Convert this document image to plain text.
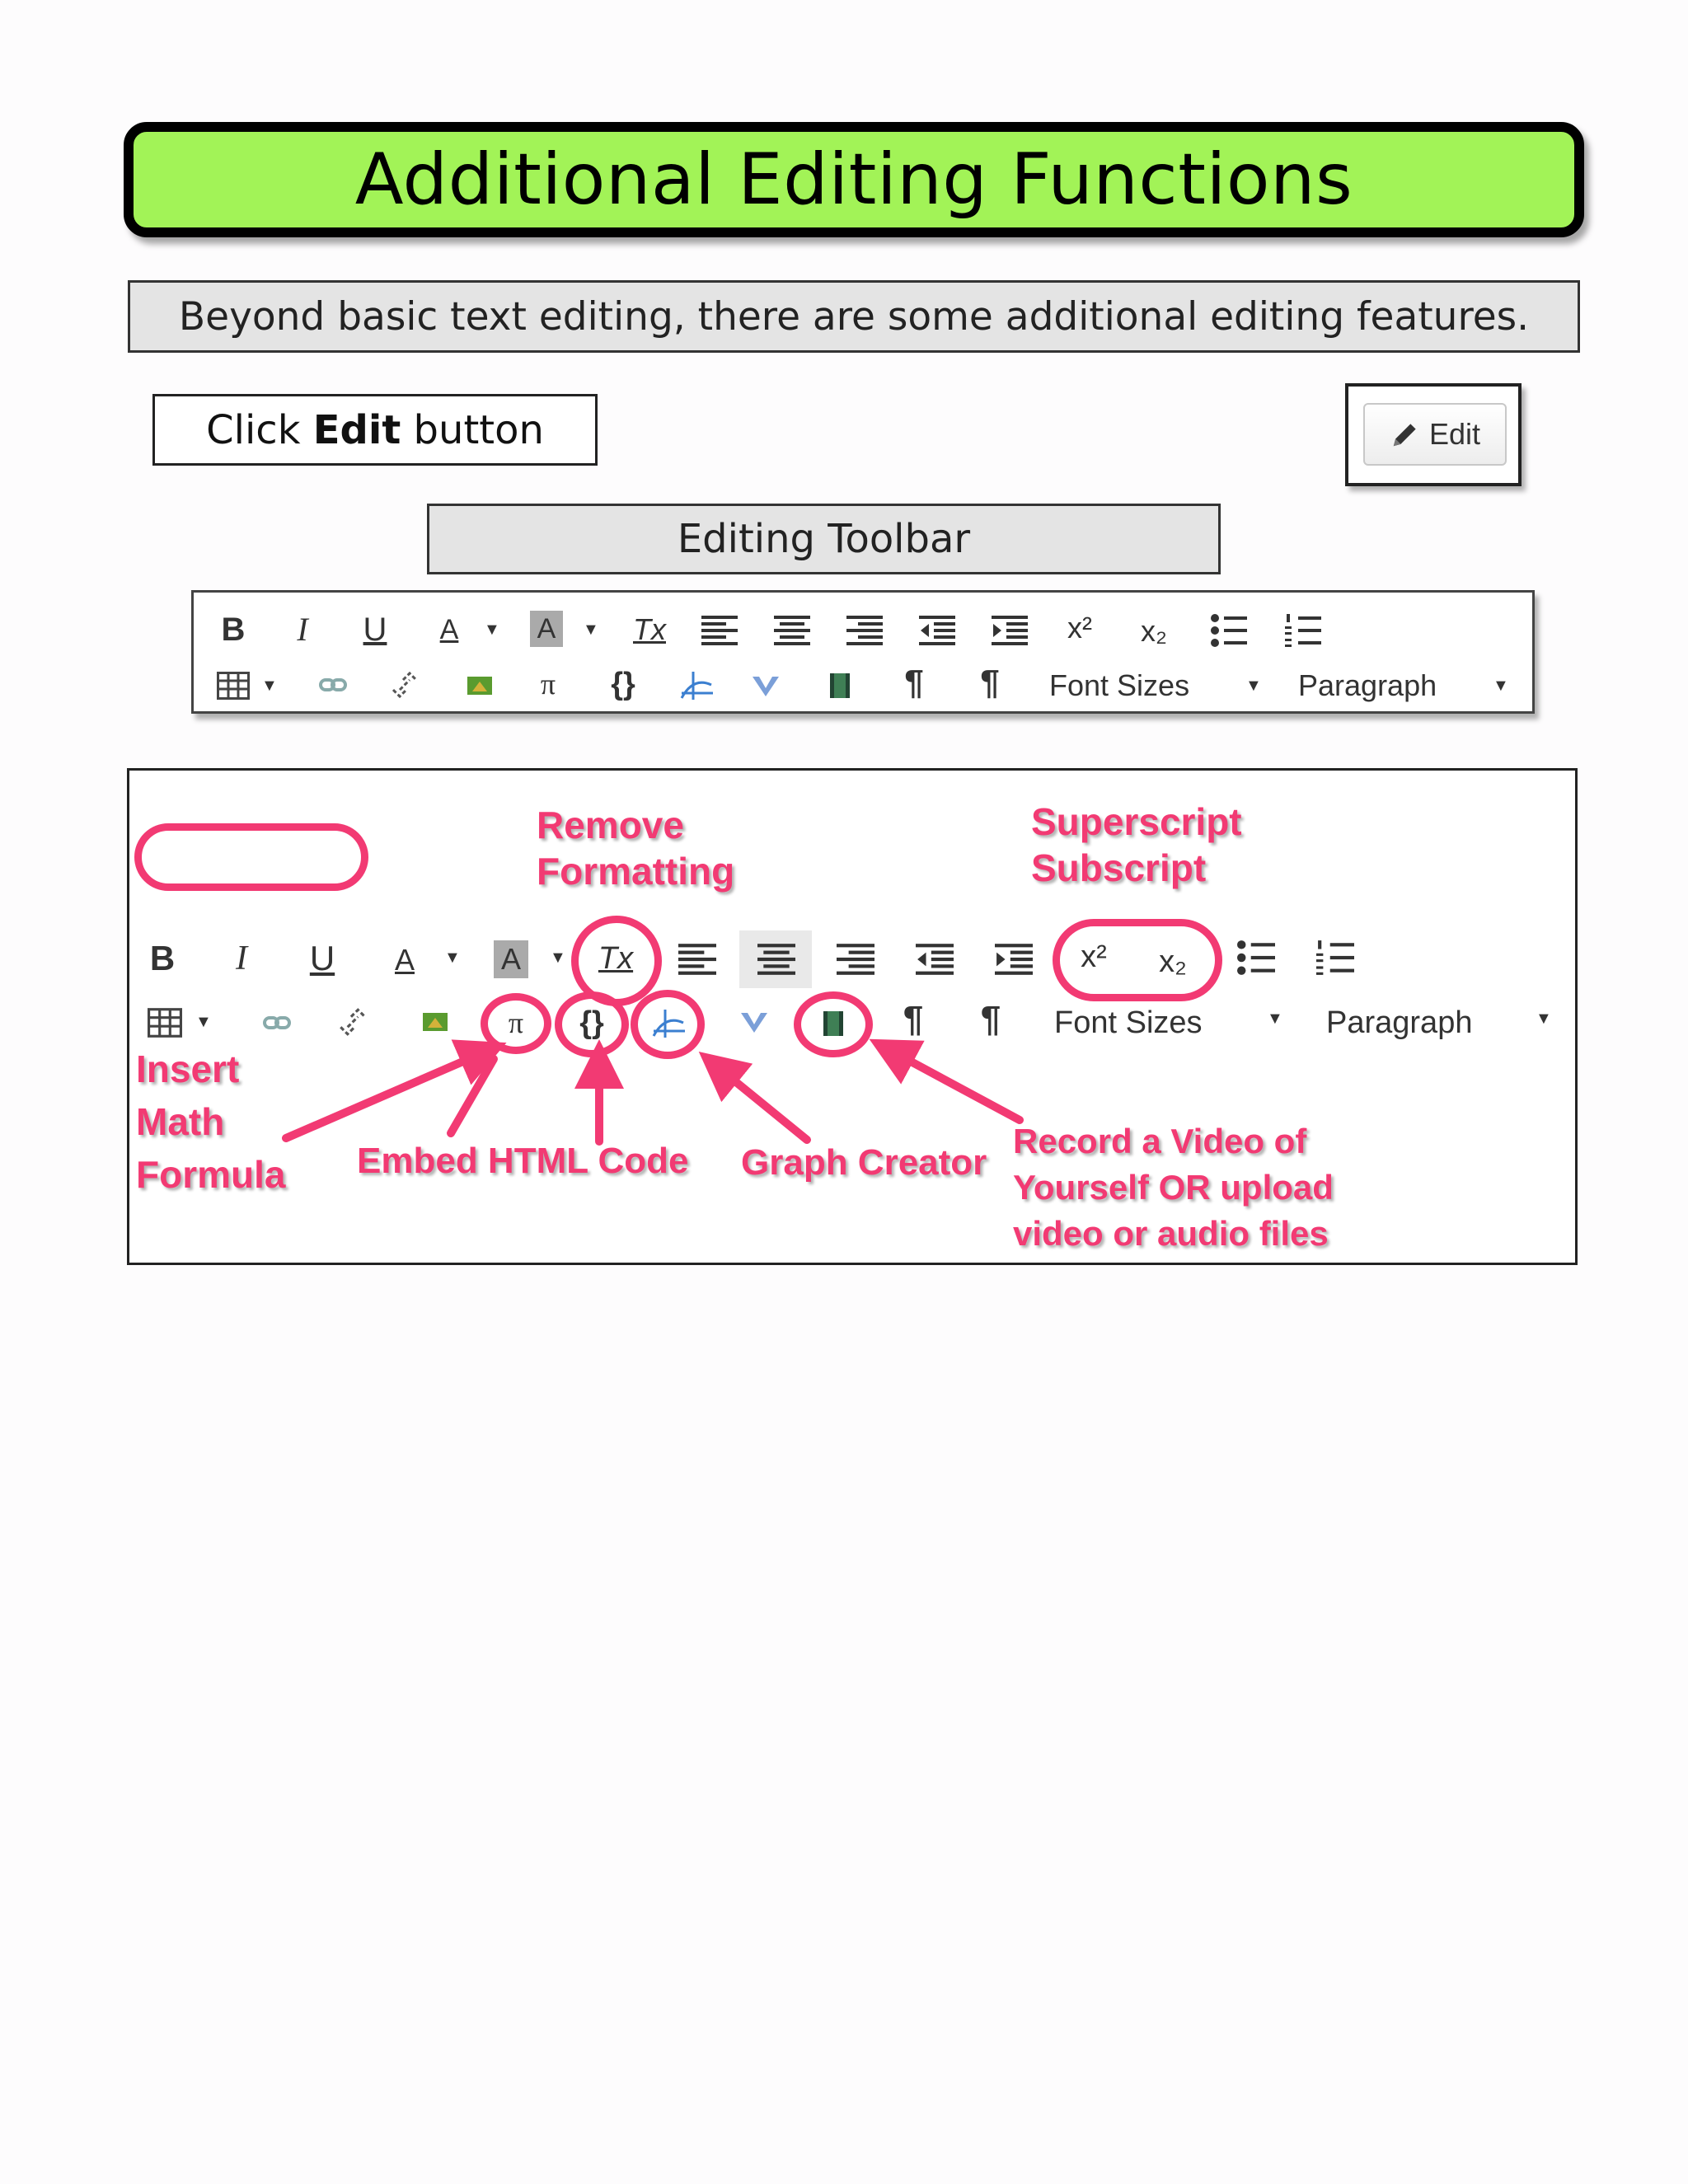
Additional Editing Functions
Beyond basic text editing, there are some additional editing features.
Click Edit button	Edit
Editing Toolbar
B	I	U A	▼ A	▼ Tx	x² x₂
▼	π {}	¶ ¶ Font Sizes	▼ Paragraph	▼
Remove
Formatting
Superscript
Subscript
Insert
Math
Formula Embed HTML Code Graph Creator
Record a Video of
Yourself OR upload
video or audio files
B	I	U A	▼ A	▼ Tx	x² x₂
▼	π	{}	¶ ¶ Font Sizes	▼ Paragraph	▼
